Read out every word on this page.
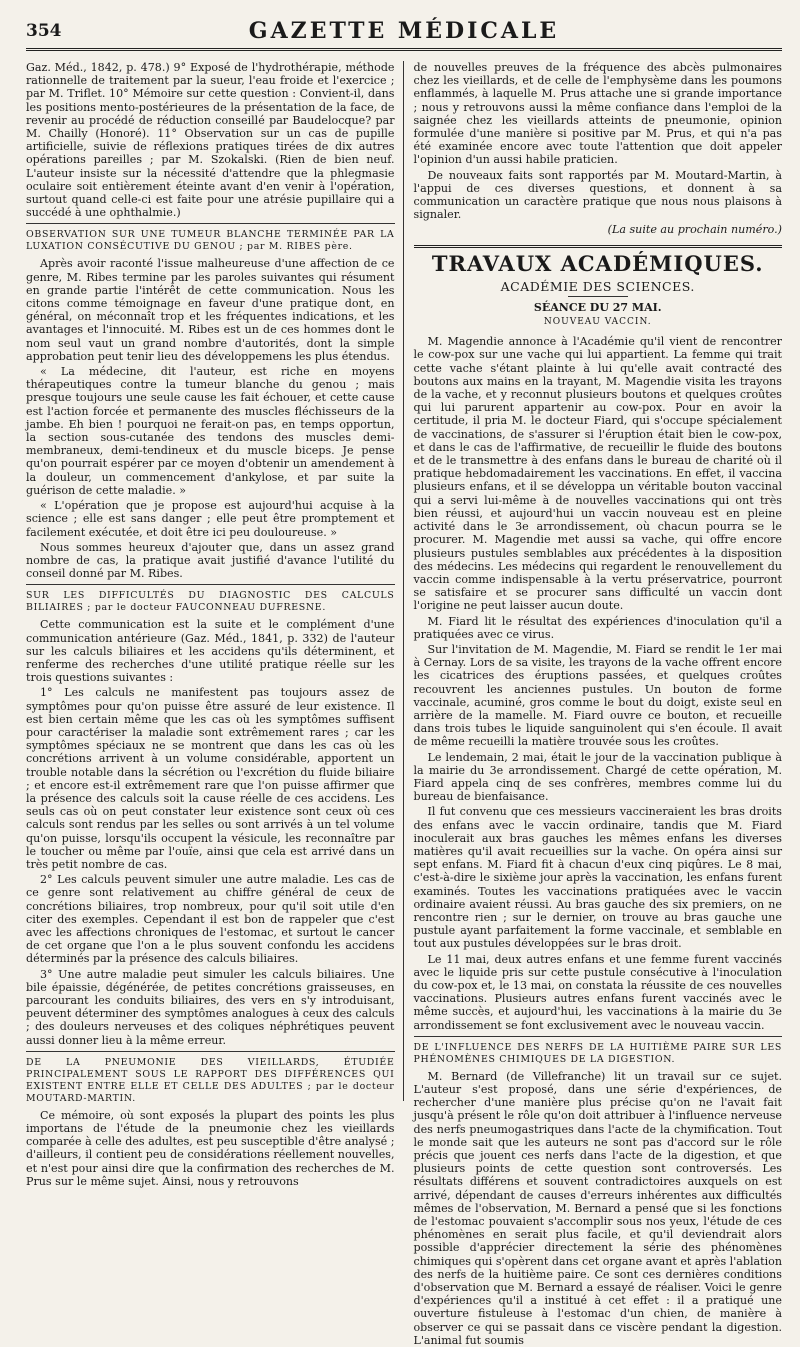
354	GAZETTE MÉDICALE

Gaz. Méd., 1842, p. 478.) 9° Exposé de l'hydrothérapie, méthode rationnelle de traitement par la sueur, l'eau froide et l'exercice ; par M. Triflet. 10° Mémoire sur cette question : Convient-il, dans les positions mento-postérieures de la présentation de la face, de revenir au procédé de réduction conseillé par Baudelocque? par M. Chailly (Honoré). 11° Observation sur un cas de pupille artificielle, suivie de réflexions pratiques tirées de dix autres opérations pareilles ; par M. Szokalski. (Rien de bien neuf. L'auteur insiste sur la nécessité d'attendre que la phlegmasie oculaire soit entièrement éteinte avant d'en venir à l'opération, surtout quand celle-ci est faite pour une atrésie pupillaire qui a succédé à une ophthalmie.)

OBSERVATION SUR UNE TUMEUR BLANCHE TERMINÉE PAR LA LUXATION CONSÉCUTIVE DU GENOU ; par M. RIBES père.

Après avoir raconté l'issue malheureuse d'une affection de ce genre, M. Ribes termine par les paroles suivantes qui résument en grande partie l'intérêt de cette communication. Nous les citons comme témoignage en faveur d'une pratique dont, en général, on méconnaît trop et les fréquentes indications, et les avantages et l'innocuité. M. Ribes est un de ces hommes dont le nom seul vaut un grand nombre d'autorités, dont la simple approbation peut tenir lieu des développemens les plus étendus.

« La médecine, dit l'auteur, est riche en moyens thérapeutiques contre la tumeur blanche du genou ; mais presque toujours une seule cause les fait échouer, et cette cause est l'action forcée et permanente des muscles fléchisseurs de la jambe. Eh bien ! pourquoi ne ferait-on pas, en temps opportun, la section sous-cutanée des tendons des muscles demi-membraneux, demi-tendineux et du muscle biceps. Je pense qu'on pourrait espérer par ce moyen d'obtenir un amendement à la douleur, un commencement d'ankylose, et par suite la guérison de cette maladie. »

« L'opération que je propose est aujourd'hui acquise à la science ; elle est sans danger ; elle peut être promptement et facilement exécutée, et doit être ici peu douloureuse. »

Nous sommes heureux d'ajouter que, dans un assez grand nombre de cas, la pratique avait justifié d'avance l'utilité du conseil donné par M. Ribes.

SUR LES DIFFICULTÉS DU DIAGNOSTIC DES CALCULS BILIAIRES ; par le docteur FAUCONNEAU DUFRESNE.

Cette communication est la suite et le complément d'une communication antérieure (Gaz. Méd., 1841, p. 332) de l'auteur sur les calculs biliaires et les accidens qu'ils déterminent, et renferme des recherches d'une utilité pratique réelle sur les trois questions suivantes :

1° Les calculs ne manifestent pas toujours assez de symptômes pour qu'on puisse être assuré de leur existence. Il est bien certain même que les cas où les symptômes suffisent pour caractériser la maladie sont extrêmement rares ; car les symptômes spéciaux ne se montrent que dans les cas où les concrétions arrivent à un volume considérable, apportent un trouble notable dans la sécrétion ou l'excrétion du fluide biliaire ; et encore est-il extrêmement rare que l'on puisse affirmer que la présence des calculs soit la cause réelle de ces accidens. Les seuls cas où on peut constater leur existence sont ceux où ces calculs sont rendus par les selles ou sont arrivés à un tel volume qu'on puisse, lorsqu'ils occupent la vésicule, les reconnaître par le toucher ou même par l'ouïe, ainsi que cela est arrivé dans un très petit nombre de cas.

2° Les calculs peuvent simuler une autre maladie. Les cas de ce genre sont relativement au chiffre général de ceux de concrétions biliaires, trop nombreux, pour qu'il soit utile d'en citer des exemples. Cependant il est bon de rappeler que c'est avec les affections chroniques de l'estomac, et surtout le cancer de cet organe que l'on a le plus souvent confondu les accidens déterminés par la présence des calculs biliaires.

3° Une autre maladie peut simuler les calculs biliaires. Une bile épaissie, dégénérée, de petites concrétions graisseuses, en parcourant les conduits biliaires, des vers en s'y introduisant, peuvent déterminer des symptômes analogues à ceux des calculs ; des douleurs nerveuses et des coliques néphrétiques peuvent aussi donner lieu à la même erreur.

DE LA PNEUMONIE DES VIEILLARDS, ÉTUDIÉE PRINCIPALEMENT SOUS LE RAPPORT DES DIFFÉRENCES QUI EXISTENT ENTRE ELLE ET CELLE DES ADULTES ; par le docteur MOUTARD-MARTIN.

Ce mémoire, où sont exposés la plupart des points les plus importans de l'étude de la pneumonie chez les vieillards comparée à celle des adultes, est peu susceptible d'être analysé ; d'ailleurs, il contient peu de considérations réellement nouvelles, et n'est pour ainsi dire que la confirmation des recherches de M. Prus sur le même sujet. Ainsi, nous y retrouvons

de nouvelles preuves de la fréquence des abcès pulmonaires chez les vieillards, et de celle de l'emphysème dans les poumons enflammés, à laquelle M. Prus attache une si grande importance ; nous y retrouvons aussi la même confiance dans l'emploi de la saignée chez les vieillards atteints de pneumonie, opinion formulée d'une manière si positive par M. Prus, et qui n'a pas été examinée encore avec toute l'attention que doit appeler l'opinion d'un aussi habile praticien.

De nouveaux faits sont rapportés par M. Moutard-Martin, à l'appui de ces diverses questions, et donnent à sa communication un caractère pratique que nous nous plaisons à signaler.

(La suite au prochain numéro.)

TRAVAUX ACADÉMIQUES.
ACADÉMIE DES SCIENCES.
SÉANCE DU 27 MAI.
NOUVEAU VACCIN.

M. Magendie annonce à l'Académie qu'il vient de rencontrer le cow-pox sur une vache qui lui appartient. La femme qui trait cette vache s'étant plainte à lui qu'elle avait contracté des boutons aux mains en la trayant, M. Magendie visita les trayons de la vache, et y reconnut plusieurs boutons et quelques croûtes qui lui parurent appartenir au cow-pox. Pour en avoir la certitude, il pria M. le docteur Fiard, qui s'occupe spécialement de vaccinations, de s'assurer si l'éruption était bien le cow-pox, et dans le cas de l'affirmative, de recueillir le fluide des boutons et de le transmettre à des enfans dans le bureau de charité où il pratique hebdomadairement les vaccinations. En effet, il vaccina plusieurs enfans, et il se développa un véritable bouton vaccinal qui a servi lui-même à de nouvelles vaccinations qui ont très bien réussi, et aujourd'hui un vaccin nouveau est en pleine activité dans le 3e arrondissement, où chacun pourra se le procurer. M. Magendie met aussi sa vache, qui offre encore plusieurs pustules semblables aux précédentes à la disposition des médecins. Les médecins qui regardent le renouvellement du vaccin comme indispensable à la vertu préservatrice, pourront se satisfaire et se procurer sans difficulté un vaccin dont l'origine ne peut laisser aucun doute.

M. Fiard lit le résultat des expériences d'inoculation qu'il a pratiquées avec ce virus.

Sur l'invitation de M. Magendie, M. Fiard se rendit le 1er mai à Cernay. Lors de sa visite, les trayons de la vache offrent encore les cicatrices des éruptions passées, et quelques croûtes recouvrent les anciennes pustules. Un bouton de forme vaccinale, acuminé, gros comme le bout du doigt, existe seul en arrière de la mamelle. M. Fiard ouvre ce bouton, et recueille dans trois tubes le liquide sanguinolent qui s'en écoule. Il avait de même recueilli la matière trouvée sous les croûtes.

Le lendemain, 2 mai, était le jour de la vaccination publique à la mairie du 3e arrondissement. Chargé de cette opération, M. Fiard appela cinq de ses confrères, membres comme lui du bureau de bienfaisance.

Il fut convenu que ces messieurs vaccineraient les bras droits des enfans avec le vaccin ordinaire, tandis que M. Fiard inoculerait aux bras gauches les mêmes enfans les diverses matières qu'il avait recueillies sur la vache. On opéra ainsi sur sept enfans. M. Fiard fit à chacun d'eux cinq piqûres. Le 8 mai, c'est-à-dire le sixième jour après la vaccination, les enfans furent examinés. Toutes les vaccinations pratiquées avec le vaccin ordinaire avaient réussi. Au bras gauche des six premiers, on ne rencontre rien ; sur le dernier, on trouve au bras gauche une pustule ayant parfaitement la forme vaccinale, et semblable en tout aux pustules développées sur le bras droit.

Le 11 mai, deux autres enfans et une femme furent vaccinés avec le liquide pris sur cette pustule consécutive à l'inoculation du cow-pox et, le 13 mai, on constata la réussite de ces nouvelles vaccinations. Plusieurs autres enfans furent vaccinés avec le même succès, et aujourd'hui, les vaccinations à la mairie du 3e arrondissement se font exclusivement avec le nouveau vaccin.

DE L'INFLUENCE DES NERFS DE LA HUITIÈME PAIRE SUR LES PHÉNOMÈNES CHIMIQUES DE LA DIGESTION.

M. Bernard (de Villefranche) lit un travail sur ce sujet. L'auteur s'est proposé, dans une série d'expériences, de rechercher d'une manière plus précise qu'on ne l'avait fait jusqu'à présent le rôle qu'on doit attribuer à l'influence nerveuse des nerfs pneumogastriques dans l'acte de la chymification. Tout le monde sait que les auteurs ne sont pas d'accord sur le rôle précis que jouent ces nerfs dans l'acte de la digestion, et que plusieurs points de cette question sont controversés. Les résultats différens et souvent contradictoires auxquels on est arrivé, dépendant de causes d'erreurs inhérentes aux difficultés mêmes de l'observation, M. Bernard a pensé que si les fonctions de l'estomac pouvaient s'accomplir sous nos yeux, l'étude de ces phénomènes en serait plus facile, et qu'il deviendrait alors possible d'apprécier directement la série des phénomènes chimiques qui s'opèrent dans cet organe avant et après l'ablation des nerfs de la huitième paire. Ce sont ces dernières conditions d'observation que M. Bernard a essayé de réaliser. Voici le genre d'expériences qu'il a institué à cet effet : il a pratiqué une ouverture fistuleuse à l'estomac d'un chien, de manière à observer ce qui se passait dans ce viscère pendant la digestion. L'animal fut soumis
